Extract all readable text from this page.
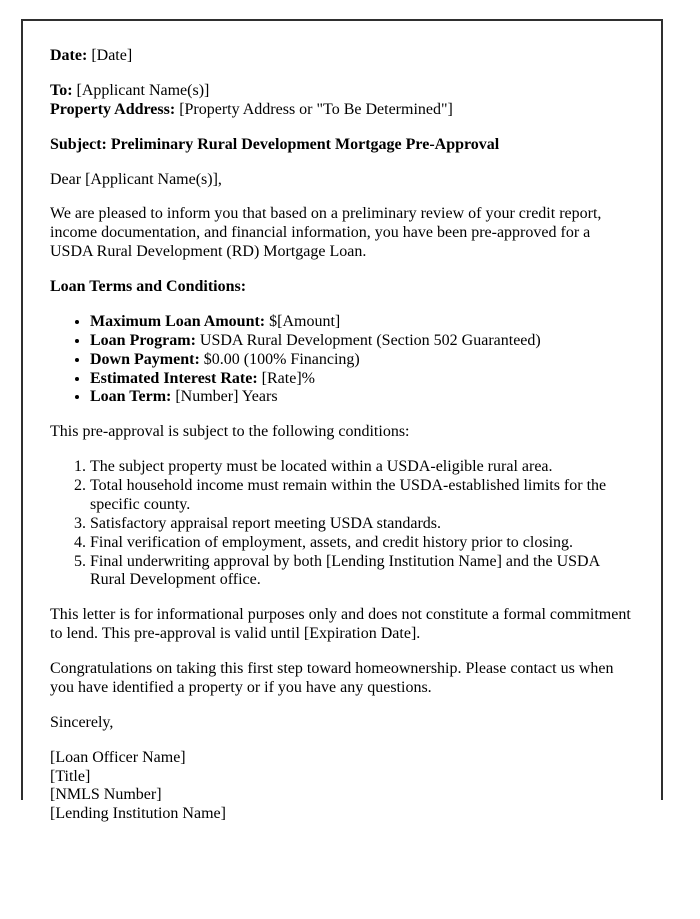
Date: [Date]

To: [Applicant Name(s)]
Property Address: [Property Address or "To Be Determined"]

Subject: Preliminary Rural Development Mortgage Pre-Approval

Dear [Applicant Name(s)],

We are pleased to inform you that based on a preliminary review of your credit report, income documentation, and financial information, you have been pre-approved for a USDA Rural Development (RD) Mortgage Loan.

Loan Terms and Conditions:

• Maximum Loan Amount: $[Amount]
• Loan Program: USDA Rural Development (Section 502 Guaranteed)
• Down Payment: $0.00 (100% Financing)
• Estimated Interest Rate: [Rate]%
• Loan Term: [Number] Years

This pre-approval is subject to the following conditions:

1. The subject property must be located within a USDA-eligible rural area.
2. Total household income must remain within the USDA-established limits for the specific county.
3. Satisfactory appraisal report meeting USDA standards.
4. Final verification of employment, assets, and credit history prior to closing.
5. Final underwriting approval by both [Lending Institution Name] and the USDA Rural Development office.

This letter is for informational purposes only and does not constitute a formal commitment to lend. This pre-approval is valid until [Expiration Date].

Congratulations on taking this first step toward homeownership. Please contact us when you have identified a property or if you have any questions.

Sincerely,

[Loan Officer Name]
[Title]
[NMLS Number]
[Lending Institution Name]
